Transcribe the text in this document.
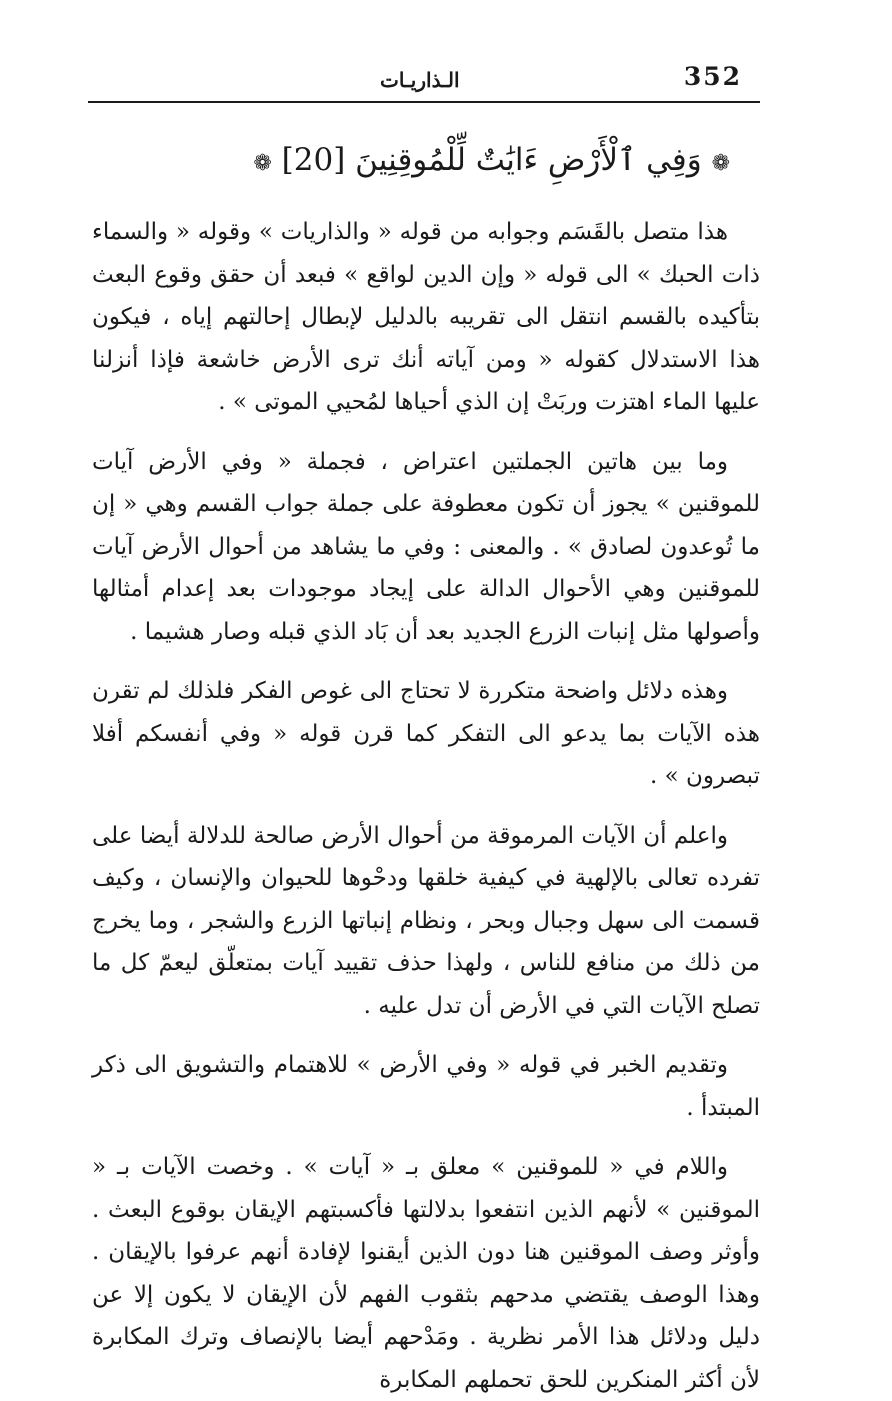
352
الـذاريـات
❁ وَفِي ٱلْأَرْضِ ءَايَٰتٌ لِّلْمُوقِنِينَ [20] ❁

هذا متصل بالقَسَم وجوابه من قوله « والذاريات » وقوله « والسماء ذات الحبك » الى قوله « وإن الدين لواقع » فبعد أن حقق وقوع البعث بتأكيده بالقسم انتقل الى تقريبه بالدليل لإبطال إحالتهم إياه ، فيكون هذا الاستدلال كقوله « ومن آياته أنك ترى الأرض خاشعة فإذا أنزلنا عليها الماء اهتزت وربَتْ إن الذي أحياها لمُحيي الموتى » .

وما بين هاتين الجملتين اعتراض ، فجملة « وفي الأرض آيات للموقنين » يجوز أن تكون معطوفة على جملة جواب القسم وهي « إن ما تُوعدون لصادق » . والمعنى : وفي ما يشاهد من أحوال الأرض آيات للموقنين وهي الأحوال الدالة على إيجاد موجودات بعد إعدام أمثالها وأصولها مثل إنبات الزرع الجديد بعد أن بَاد الذي قبله وصار هشيما .

وهذه دلائل واضحة متكررة لا تحتاج الى غوص الفكر فلذلك لم تقرن هذه الآيات بما يدعو الى التفكر كما قرن قوله « وفي أنفسكم أفلا تبصرون » .

واعلم أن الآيات المرموقة من أحوال الأرض صالحة للدلالة أيضا على تفرده تعالى بالإلهية في كيفية خلقها ودحْوها للحيوان والإنسان ، وكيف قسمت الى سهل وجبال وبحر ، ونظام إنباتها الزرع والشجر ، وما يخرج من ذلك من منافع للناس ، ولهذا حذف تقييد آيات بمتعلّق ليعمّ كل ما تصلح الآيات التي في الأرض أن تدل عليه .

وتقديم الخبر في قوله « وفي الأرض » للاهتمام والتشويق الى ذكر المبتدأ .

واللام في « للموقنين » معلق بـ « آيات » . وخصت الآيات بـ « الموقنين » لأنهم الذين انتفعوا بدلالتها فأكسبتهم الإيقان بوقوع البعث . وأوثر وصف الموقنين هنا دون الذين أيقنوا لإفادة أنهم عرفوا بالإيقان . وهذا الوصف يقتضي مدحهم بثقوب الفهم لأن الإيقان لا يكون إلا عن دليل ودلائل هذا الأمر نظرية . ومَدْحهم أيضا بالإنصاف وترك المكابرة لأن أكثر المنكرين للحق تحملهم المكابرة
